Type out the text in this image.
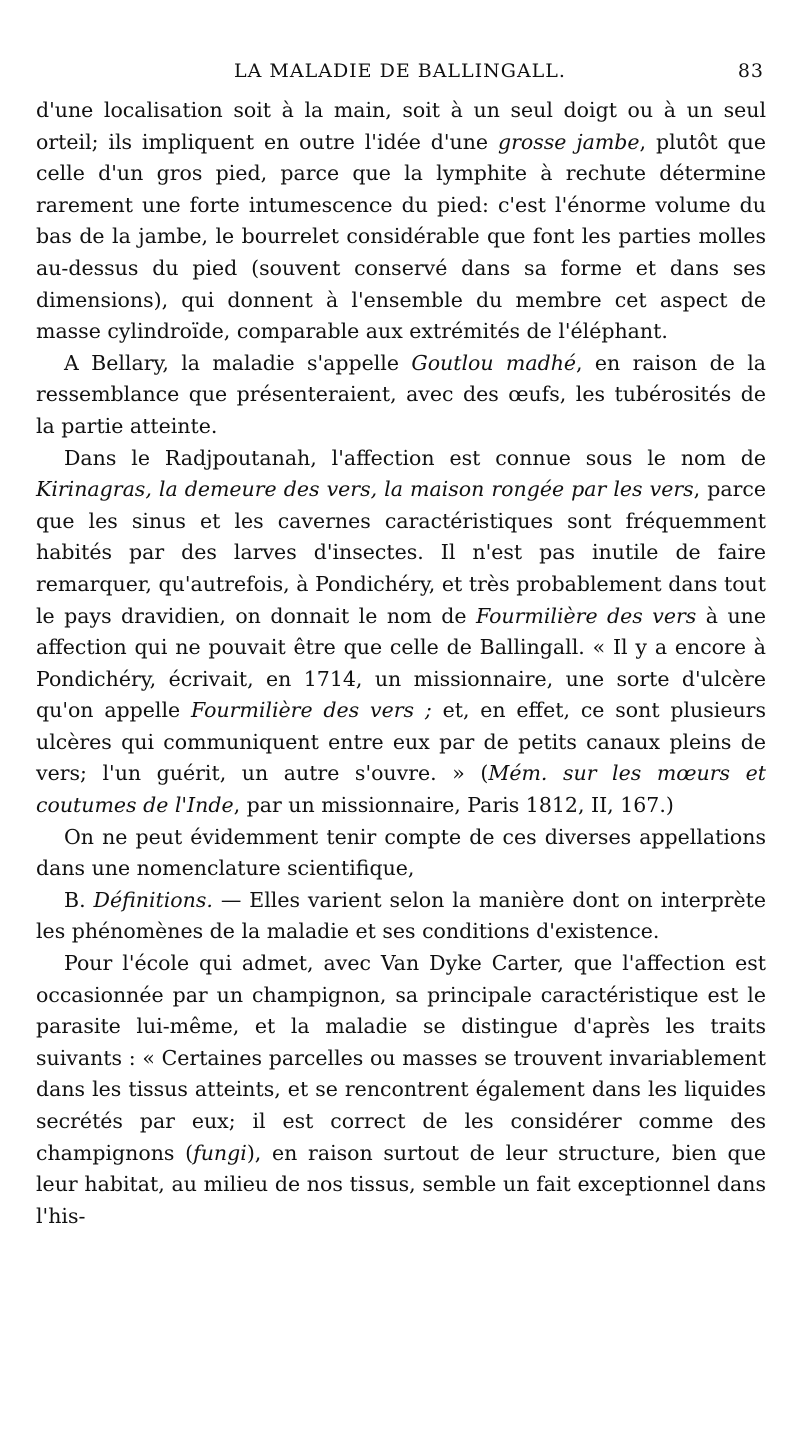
LA MALADIE DE BALLINGALL.	83

d'une localisation soit à la main, soit à un seul doigt ou à un seul orteil; ils impliquent en outre l'idée d'une grosse jambe, plutôt que celle d'un gros pied, parce que la lymphite à rechute détermine rarement une forte intumescence du pied: c'est l'énorme volume du bas de la jambe, le bourrelet considérable que font les parties molles au-dessus du pied (souvent conservé dans sa forme et dans ses dimensions), qui donnent à l'ensemble du membre cet aspect de masse cylindroïde, comparable aux extrémités de l'éléphant.

A Bellary, la maladie s'appelle Goutlou madhé, en raison de la ressemblance que présenteraient, avec des œufs, les tubérosités de la partie atteinte.

Dans le Radjpoutanah, l'affection est connue sous le nom de Kirinagras, la demeure des vers, la maison rongée par les vers, parce que les sinus et les cavernes caractéristiques sont fréquemment habités par des larves d'insectes. Il n'est pas inutile de faire remarquer, qu'autrefois, à Pondichéry, et très probablement dans tout le pays dravidien, on donnait le nom de Fourmilière des vers à une affection qui ne pouvait être que celle de Ballingall. « Il y a encore à Pondichéry, écrivait, en 1714, un missionnaire, une sorte d'ulcère qu'on appelle Fourmilière des vers ; et, en effet, ce sont plusieurs ulcères qui communiquent entre eux par de petits canaux pleins de vers; l'un guérit, un autre s'ouvre. » (Mém. sur les mœurs et coutumes de l'Inde, par un missionnaire, Paris 1812, II, 167.)

On ne peut évidemment tenir compte de ces diverses appellations dans une nomenclature scientifique,

B. Définitions. — Elles varient selon la manière dont on interprète les phénomènes de la maladie et ses conditions d'existence.

Pour l'école qui admet, avec Van Dyke Carter, que l'affection est occasionnée par un champignon, sa principale caractéristique est le parasite lui-même, et la maladie se distingue d'après les traits suivants : « Certaines parcelles ou masses se trouvent invariablement dans les tissus atteints, et se rencontrent également dans les liquides secrétés par eux; il est correct de les considérer comme des champignons (fungi), en raison surtout de leur structure, bien que leur habitat, au milieu de nos tissus, semble un fait exceptionnel dans l'his-
